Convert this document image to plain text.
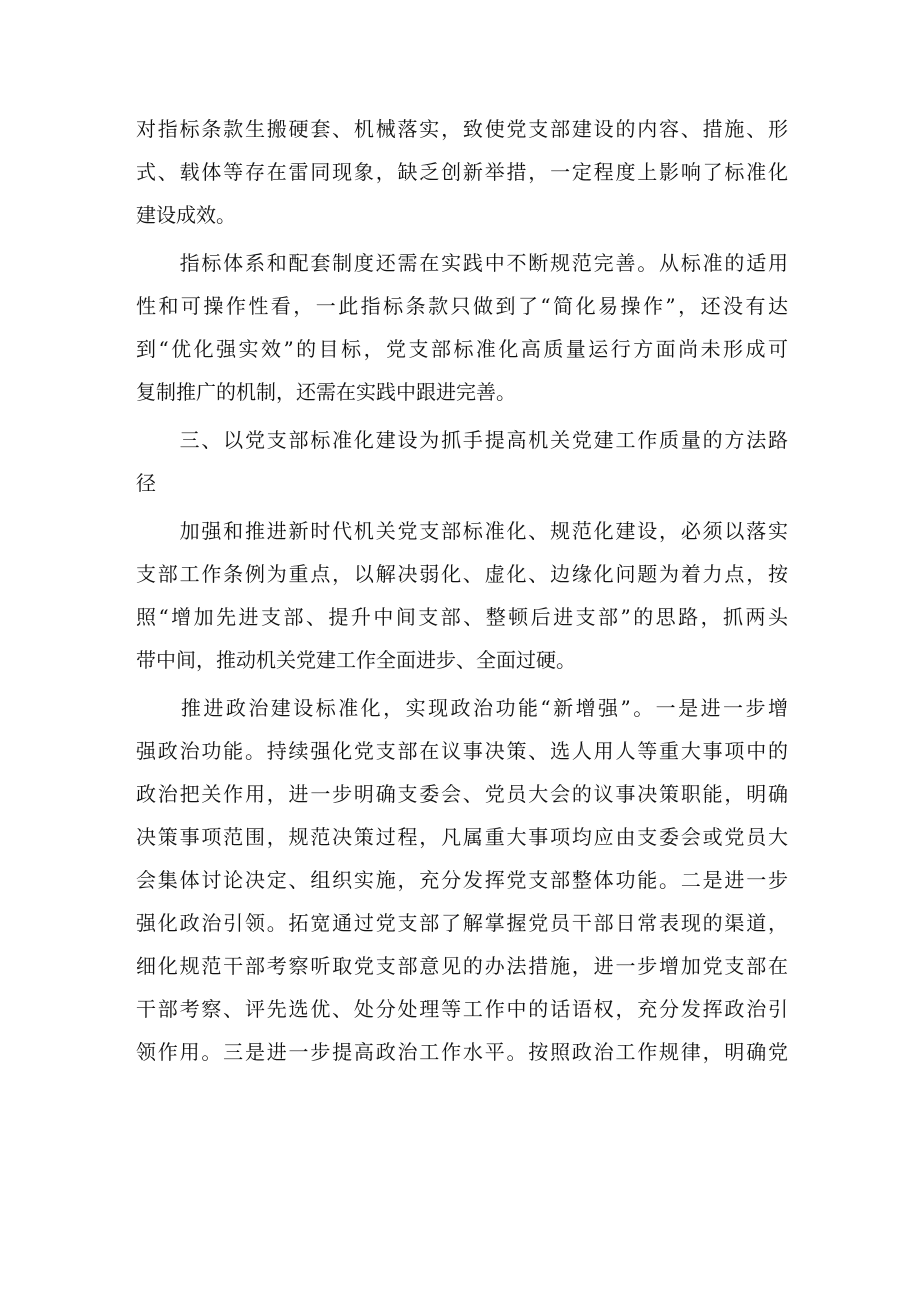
对指标条款生搬硬套、机械落实，致使党支部建设的内容、措施、形
式、载体等存在雷同现象，缺乏创新举措，一定程度上影响了标准化
建设成效。
　　指标体系和配套制度还需在实践中不断规范完善。从标准的适用
性和可操作性看，一此指标条款只做到了“简化易操作”，还没有达
到“优化强实效”的目标，党支部标准化高质量运行方面尚未形成可
复制推广的机制，还需在实践中跟进完善。
　　三、以党支部标准化建设为抓手提高机关党建工作质量的方法路
径
　　加强和推进新时代机关党支部标准化、规范化建设，必须以落实
支部工作条例为重点，以解决弱化、虚化、边缘化问题为着力点，按
照“增加先进支部、提升中间支部、整顿后进支部”的思路，抓两头
带中间，推动机关党建工作全面进步、全面过硬。
　　推进政治建设标准化，实现政治功能“新增强”。一是进一步增
强政治功能。持续强化党支部在议事决策、选人用人等重大事项中的
政治把关作用，进一步明确支委会、党员大会的议事决策职能，明确
决策事项范围，规范决策过程，凡属重大事项均应由支委会或党员大
会集体讨论决定、组织实施，充分发挥党支部整体功能。二是进一步
强化政治引领。拓宽通过党支部了解掌握党员干部日常表现的渠道，
细化规范干部考察听取党支部意见的办法措施，进一步增加党支部在
干部考察、评先选优、处分处理等工作中的话语权，充分发挥政治引
领作用。三是进一步提高政治工作水平。按照政治工作规律，明确党
